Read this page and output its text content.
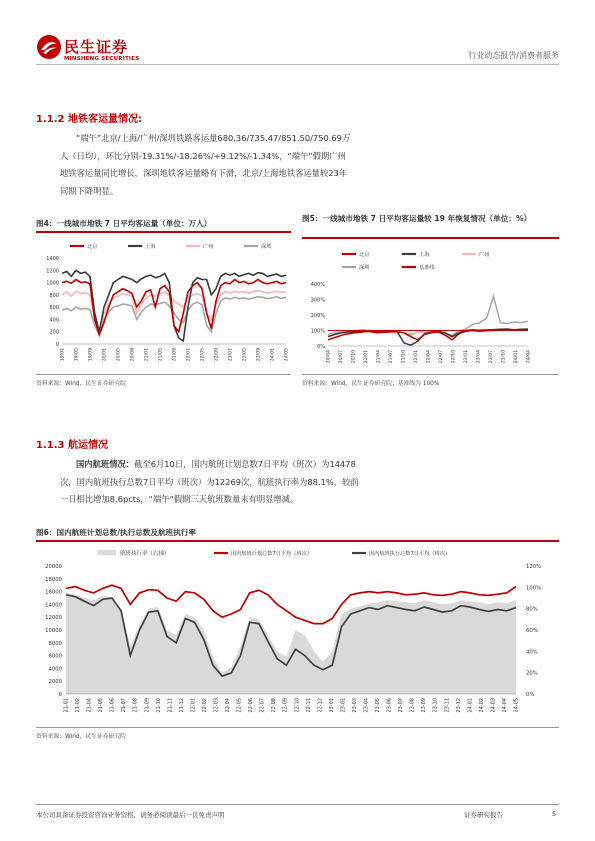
民生证券
MINSHENG SECURITIES	行业动态报告/消费者服务
1.1.2 地铁客运量情况:

“端午”北京/上海/广州/深圳铁路客运量680.36/735.47/851.50/750.69万

人（日均），环比分别-19.31%/-18.26%/+9.12%/-1.34%，“端午”假期广州

地铁客运量同比增长，深圳地铁客运量略有下滑，北京/上海地铁客运量较23年

同期下降明显。

图4：一线城市地铁 7 日平均客运量（单位：万人）
北京	上海	广州	深圳
0
200
400
600
800
1000
1200
1400
19/01 19/05 19/09 20/01 20/05 20/09 21/01 21/05 21/09 22/01 22/05 22/09 23/01 23/05 23/09 24/01 24/05
资料来源：Wind，民生证券研究院
图5：一线城市地铁 7 日平均客运量较 19 年恢复情况（单位：%）
北京	上海	广州
深圳	基准线
0%
100%
200%
300%
400%
20/04 20/07 20/10 21/01 21/04 21/07 21/10 22/01 22/04 22/07 22/10 23/01 23/04 23/07 23/10 24/01 24/04
资料来源：Wind，民生证券研究院；基准线为 100%
1.1.3 航运情况

国内航班情况：截至6月10日，国内航班计划总数7日平均（班次）为14478

次，国内航班执行总数7日平均（班次）为12269次，航班执行率为88.1%，较前

一日相比增加8.6pcts，“端午”假期三天航班数量未有明显增减。

图6：国内航班计划总数/执行总数及航班执行率
航班执行率（右轴）	国内航班计划总数7日平均（班次）	国内航班执行总数7日平均（班次）
0
2000
4000
6000
8000
10000
12000
14000
16000
18000
20000
0%
20%
40%
60%
80%
100%
120%
21-01 21-02 21-04 21-05 21-06 21-07 21-08 21-09 21-10 21-11 21-12 22-01 22-02 22-03 22-04 22-05 22-06 22-07 22-08 22-09 22-10 22-11 22-12 23-01 23-02 23-03 23-04 23-05 23-06 23-07 23-08 23-09 23-10 23-11 23-12 24-01 24-02 24-03 24-04 24-05
资料来源：Wind，民生证券研究院
本公司具备证券投资咨询业务资格，请务必阅读最后一页免责声明	证券研究报告	5
